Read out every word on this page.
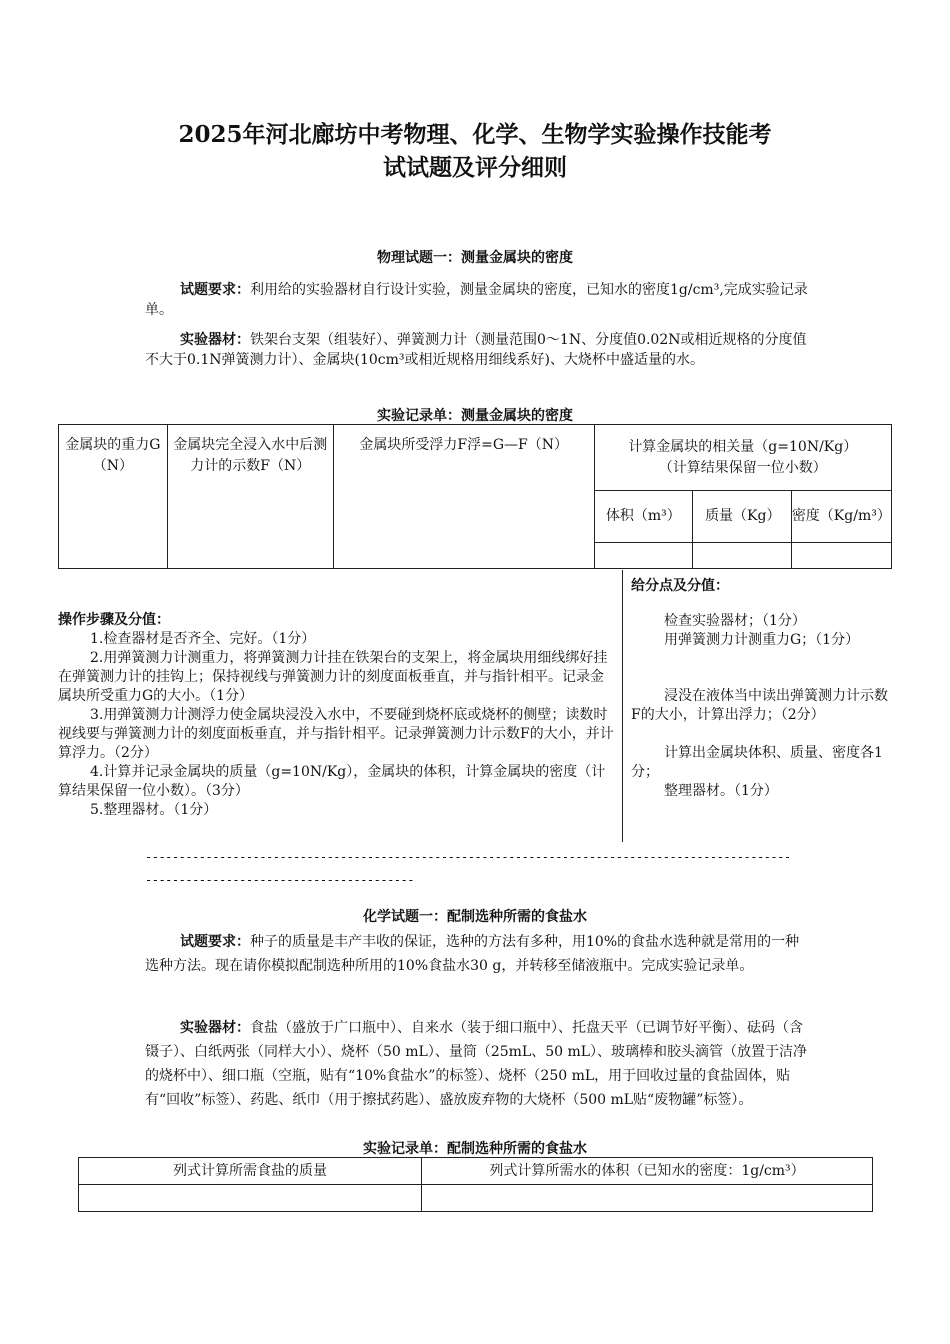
2025年河北廊坊中考物理、化学、生物学实验操作技能考
试试题及评分细则
物理试题一：测量金属块的密度
试题要求：利用给的实验器材自行设计实验，测量金属块的密度，已知水的密度1g/cm³,完成实验记录单。
实验器材：铁架台支架（组装好）、弹簧测力计（测量范围0～1N、分度值0.02N或相近规格的分度值不大于0.1N弹簧测力计）、金属块(10cm³或相近规格用细线系好)、大烧杯中盛适量的水。
实验记录单：测量金属块的密度
金属块的重力G（N）	金属块完全浸入水中后测力计的示数F（N）	金属块所受浮力F浮=G—F（N）	计算金属块的相关量（g=10N/Kg）
（计算结果保留一位小数）		

			体积（m³）	质量（Kg）	密度（Kg/m³）

操作步骤及分值：

1.检查器材是否齐全、完好。（1分）

2.用弹簧测力计测重力，将弹簧测力计挂在铁架台的支架上，将金属块用细线绑好挂在弹簧测力计的挂钩上；保持视线与弹簧测力计的刻度面板垂直，并与指针相平。记录金属块所受重力G的大小。（1分）

3.用弹簧测力计测浮力使金属块浸没入水中，不要碰到烧杯底或烧杯的侧壁；读数时视线要与弹簧测力计的刻度面板垂直，并与指针相平。记录弹簧测力计示数F的大小，并计算浮力。（2分）

4.计算并记录金属块的质量（g=10N/Kg），金属块的体积，计算金属块的密度（计算结果保留一位小数）。（3分）

5.整理器材。（1分）

给分点及分值：

检查实验器材；（1分）

用弹簧测力计测重力G；（1分）

浸没在液体当中读出弹簧测力计示数F的大小，计算出浮力；（2分）

计算出金属块体积、质量、密度各1分；

整理器材。（1分）

------------------------------------------------------------------------------------------------
----------------------------------------
化学试题一：配制选种所需的食盐水
试题要求：种子的质量是丰产丰收的保证，选种的方法有多种，用10%的食盐水选种就是常用的一种选种方法。现在请你模拟配制选种所用的10%食盐水30 g，并转移至储液瓶中。完成实验记录单。
实验器材：食盐（盛放于广口瓶中）、自来水（装于细口瓶中）、托盘天平（已调节好平衡）、砝码（含镊子）、白纸两张（同样大小）、烧杯（50 mL）、量筒（25mL、50 mL）、玻璃棒和胶头滴管（放置于洁净的烧杯中）、细口瓶（空瓶，贴有“10%食盐水”的标签）、烧杯（250 mL，用于回收过量的食盐固体，贴有“回收”标签）、药匙、纸巾（用于擦拭药匙）、盛放废弃物的大烧杯（500 mL贴“废物罐”标签）。
实验记录单：配制选种所需的食盐水
列式计算所需食盐的质量	列式计算所需水的体积（已知水的密度：1g/cm³）
